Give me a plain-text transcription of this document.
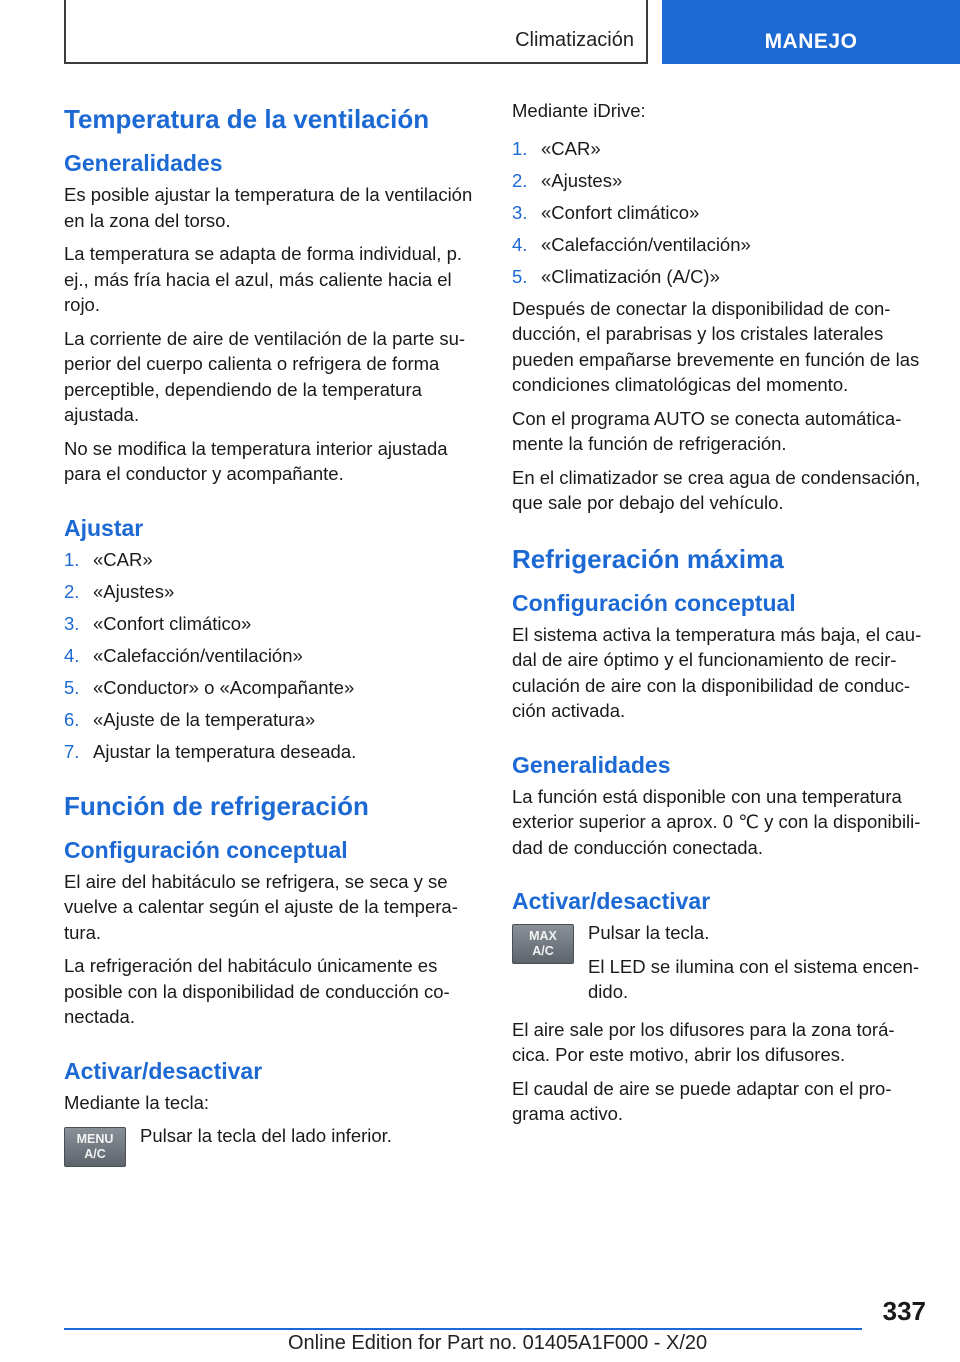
Climatización	MANEJO
Temperatura de la ventilación
Generalidades

Es posible ajustar la temperatura de la ventilación en la zona del torso.

La temperatura se adapta de forma individual, p. ej., más fría hacia el azul, más caliente hacia el rojo.

La corriente de aire de ventilación de la parte su-perior del cuerpo calienta o refrigera de forma perceptible, dependiendo de la temperatura ajustada.

No se modifica la temperatura interior ajustada para el conductor y acompañante.

Ajustar
1. «CAR»
2. «Ajustes»
3. «Confort climático»
4. «Calefacción/ventilación»
5. «Conductor» o «Acompañante»
6. «Ajuste de la temperatura»
7. Ajustar la temperatura deseada.
Función de refrigeración
Configuración conceptual

El aire del habitáculo se refrigera, se seca y se vuelve a calentar según el ajuste de la tempera-tura.

La refrigeración del habitáculo únicamente es posible con la disponibilidad de conducción co-nectada.

Activar/desactivar

Mediante la tecla:

MENU
A/C

Pulsar la tecla del lado inferior.

Mediante iDrive:

1. «CAR»
2. «Ajustes»
3. «Confort climático»
4. «Calefacción/ventilación»
5. «Climatización (A/C)»

Después de conectar la disponibilidad de con-ducción, el parabrisas y los cristales laterales pueden empañarse brevemente en función de las condiciones climatológicas del momento.

Con el programa AUTO se conecta automática-mente la función de refrigeración.

En el climatizador se crea agua de condensación, que sale por debajo del vehículo.

Refrigeración máxima
Configuración conceptual

El sistema activa la temperatura más baja, el cau-dal de aire óptimo y el funcionamiento de recir-culación de aire con la disponibilidad de conduc-ción activada.

Generalidades

La función está disponible con una temperatura exterior superior a aprox. 0 ℃ y con la disponibili-dad de conducción conectada.

Activar/desactivar
MAX
A/C

Pulsar la tecla.

El LED se ilumina con el sistema encen-dido.

El aire sale por los difusores para la zona torá-cica. Por este motivo, abrir los difusores.

El caudal de aire se puede adaptar con el pro-grama activo.

337
Online Edition for Part no. 01405A1F000 - X/20
